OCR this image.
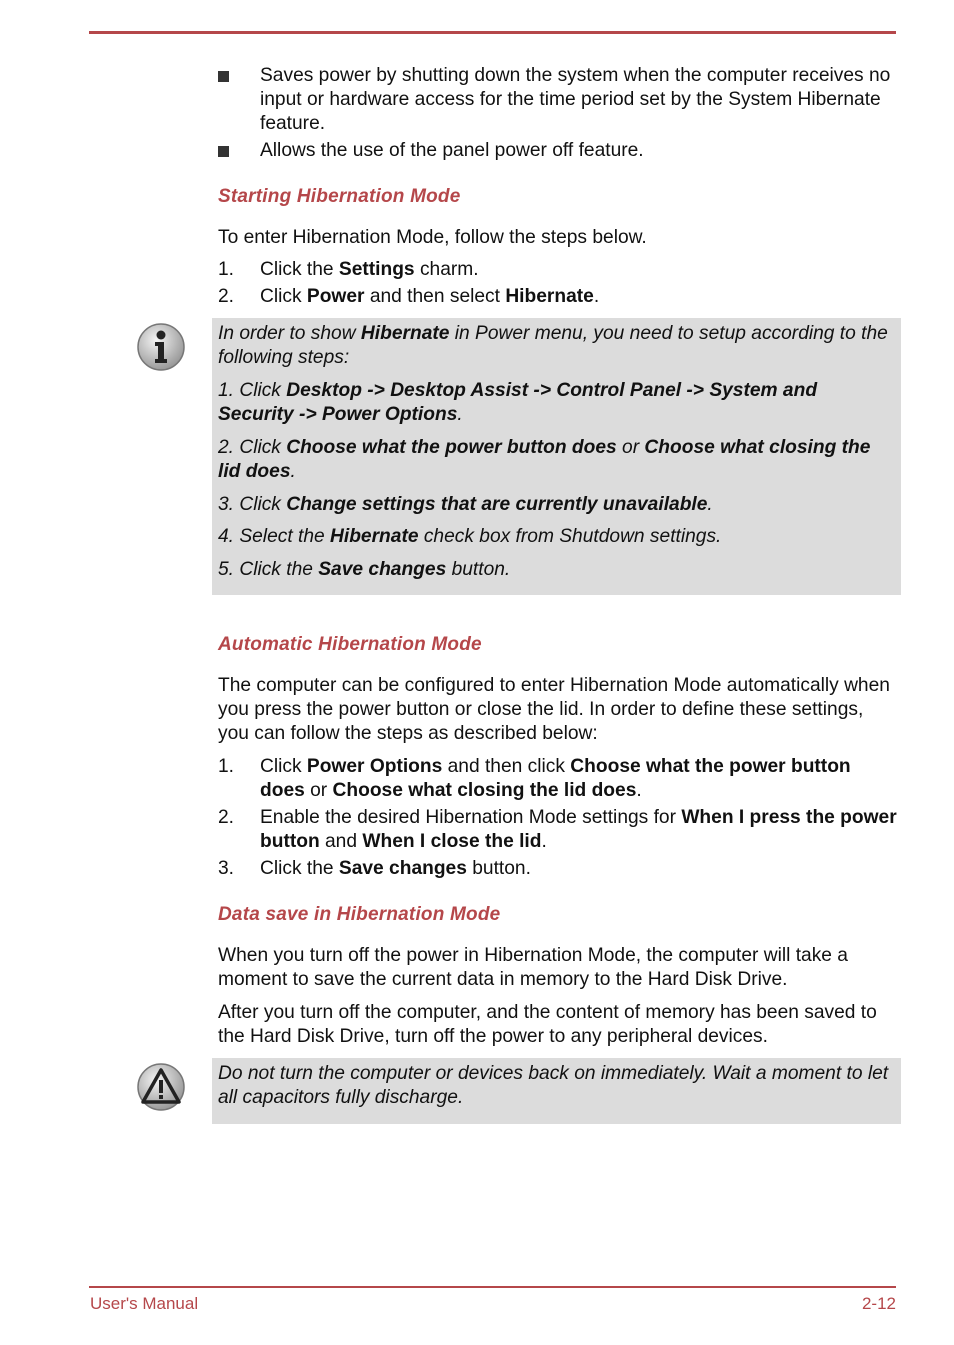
Saves power by shutting down the system when the computer receives no input or hardware access for the time period set by the System Hibernate feature.
Allows the use of the panel power off feature.
Starting Hibernation Mode

To enter Hibernation Mode, follow the steps below.

1. Click the Settings charm.
2. Click Power and then select Hibernate.
In order to show Hibernate in Power menu, you need to setup according to the following steps:
1. Click Desktop -> Desktop Assist -> Control Panel -> System and Security -> Power Options.
2. Click Choose what the power button does or Choose what closing the lid does.
3. Click Change settings that are currently unavailable.
4. Select the Hibernate check box from Shutdown settings.
5. Click the Save changes button.
Automatic Hibernation Mode

The computer can be configured to enter Hibernation Mode automatically when you press the power button or close the lid. In order to define these settings, you can follow the steps as described below:

1. Click Power Options and then click Choose what the power button does or Choose what closing the lid does.
2. Enable the desired Hibernation Mode settings for When I press the power button and When I close the lid.
3. Click the Save changes button.
Data save in Hibernation Mode

When you turn off the power in Hibernation Mode, the computer will take a moment to save the current data in memory to the Hard Disk Drive.

After you turn off the computer, and the content of memory has been saved to the Hard Disk Drive, turn off the power to any peripheral devices.

Do not turn the computer or devices back on immediately. Wait a moment to let all capacitors fully discharge.
User's Manual	2-12
